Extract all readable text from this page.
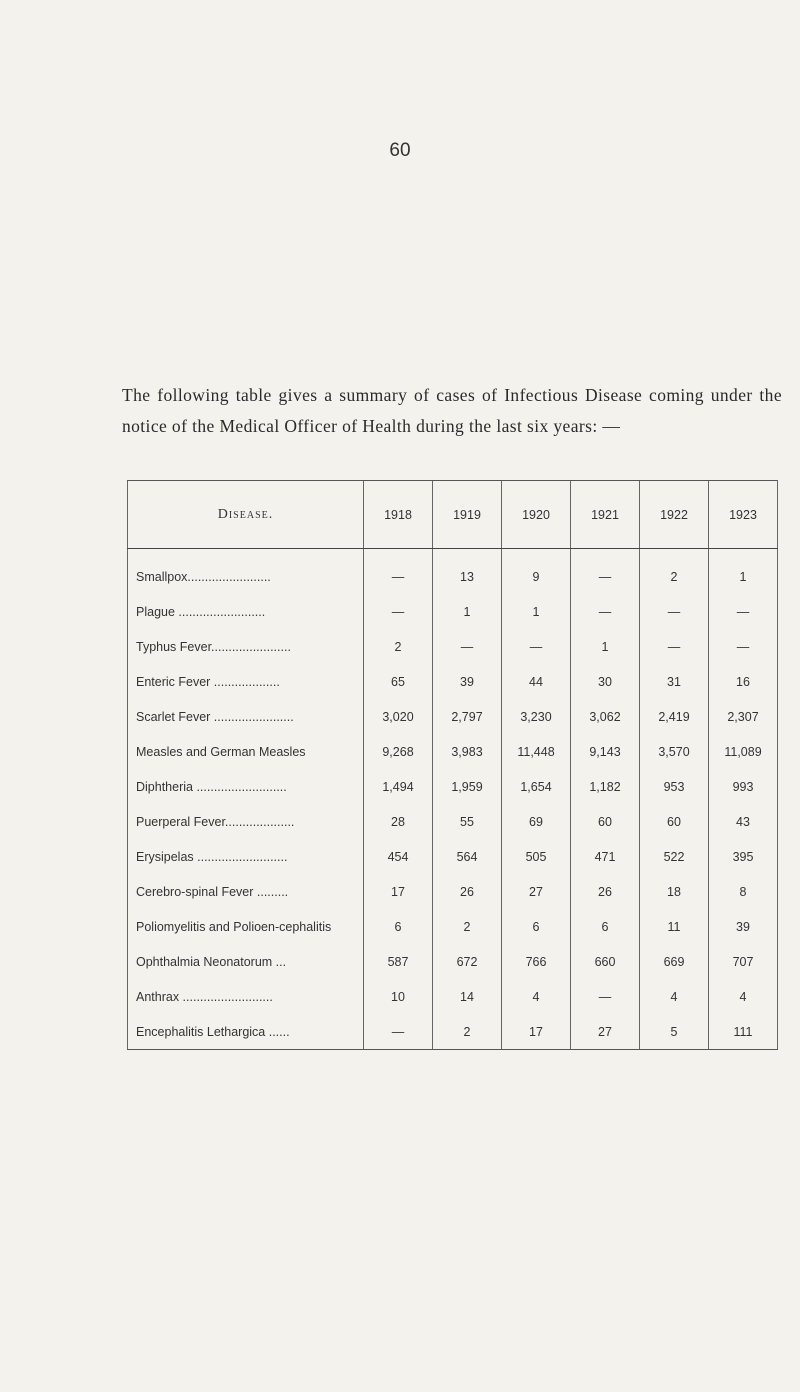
60

The following table gives a summary of cases of Infectious Disease coming under the notice of the Medical Officer of Health during the last six years: —

Disease.	1918	1919	1920	1921	1922	1923
Smallpox........................	—	13	9	—	2	1
Plague .........................	—	1	1	—	—	—
Typhus Fever.......................	2	—	—	1	—	—
Enteric Fever ...................	65	39	44	30	31	16
Scarlet Fever .......................	3,020	2,797	3,230	3,062	2,419	2,307
Measles and German Measles	9,268	3,983	11,448	9,143	3,570	11,089
Diphtheria ..........................	1,494	1,959	1,654	1,182	953	993
Puerperal Fever....................	28	55	69	60	60	43
Erysipelas ..........................	454	564	505	471	522	395
Cerebro-spinal Fever .........	17	26	27	26	18	8
Poliomyelitis and Polioen-cephalitis	6	2	6	6	11	39
Ophthalmia Neonatorum ...	587	672	766	660	669	707
Anthrax ..........................	10	14	4	—	4	4
Encephalitis Lethargica ......	—	2	17	27	5	111
